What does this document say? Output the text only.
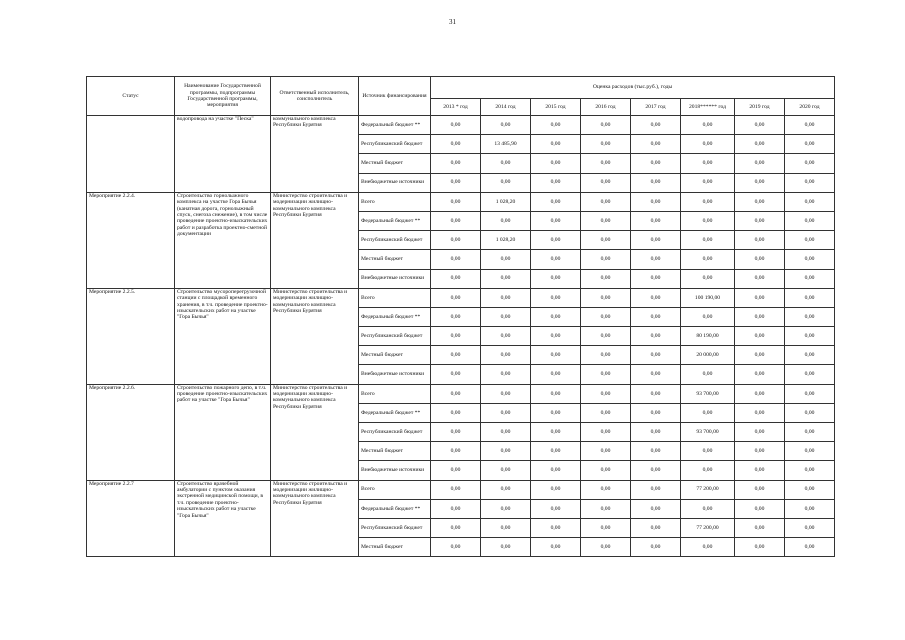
31
Статус	Наименование Государственной программы, подпрограммы Государственной программы, мероприятия	Ответственный исполнитель, соисполнитель	Источник финансирования	Оценка расходов (тыс.руб.), годы							
				2013 * год	2014 год	2015 год	2016 год	2017 год	2018****** год	2019 год	2020 год
	водопровода на участке "Песка"	коммунального комплекса Республики Бурятия	Федеральный бюджет **	0,00	0,00	0,00	0,00	0,00	0,00	0,00	0,00
			Республиканский бюджет	0,00	13 485,90	0,00	0,00	0,00	0,00	0,00	0,00
			Местный бюджет	0,00	0,00	0,00	0,00	0,00	0,00	0,00	0,00
			Внебюджетные источники	0,00	0,00	0,00	0,00	0,00	0,00	0,00	0,00
Мероприятие 2.2.4.	Строительство горнолыжного комплекса на участке Гора Бычья (канатная дорога, горнолыжный спуск, снегоза снежение), в том числе проведение проектно-изыскательских работ и разработка проектно-сметной документации	Министерство строительства и модернизации жилищно-коммунального комплекса Республики Бурятия	Всего	0,00	1 028,20	0,00	0,00	0,00	0,00	0,00	0,00
			Федеральный бюджет **	0,00	0,00	0,00	0,00	0,00	0,00	0,00	0,00
			Республиканский бюджет	0,00	1 028,20	0,00	0,00	0,00	0,00	0,00	0,00
			Местный бюджет	0,00	0,00	0,00	0,00	0,00	0,00	0,00	0,00
			Внебюджетные источники	0,00	0,00	0,00	0,00	0,00	0,00	0,00	0,00
Мероприятие 2.2.5.	Строительство мусороперегрузочной станции с площадкой временного хранения, в т.ч. проведение проектно-изыскательских работ на участке "Гора Бычья"	Министерство строительства и модернизации жилищно-коммунального комплекса Республики Бурятия	Всего	0,00	0,00	0,00	0,00	0,00	100 190,00	0,00	0,00
			Федеральный бюджет **	0,00	0,00	0,00	0,00	0,00	0,00	0,00	0,00
			Республиканский бюджет	0,00	0,00	0,00	0,00	0,00	80 190,00	0,00	0,00
			Местный бюджет	0,00	0,00	0,00	0,00	0,00	20 000,00	0,00	0,00
			Внебюджетные источники	0,00	0,00	0,00	0,00	0,00	0,00	0,00	0,00
Мероприятие 2.2.6.	Строительство пожарного депо, в т.ч. проведение проектно-изыскательских работ на участке "Гора Бычья"	Министерство строительства и модернизации жилищно-коммунального комплекса Республики Бурятия	Всего	0,00	0,00	0,00	0,00	0,00	93 700,00	0,00	0,00
			Федеральный бюджет **	0,00	0,00	0,00	0,00	0,00	0,00	0,00	0,00
			Республиканский бюджет	0,00	0,00	0,00	0,00	0,00	93 700,00	0,00	0,00
			Местный бюджет	0,00	0,00	0,00	0,00	0,00	0,00	0,00	0,00
			Внебюджетные источники	0,00	0,00	0,00	0,00	0,00	0,00	0,00	0,00
Мероприятие 2.2.7	Строительство врачебной амбулатории с пунктом оказания экстренной медицинской помощи, в т.ч. проведение проектно-изыскательских работ на участке "Гора Бычья"	Министерство строительства и модернизации жилищно-коммунального комплекса Республики Бурятия	Всего	0,00	0,00	0,00	0,00	0,00	77 200,00	0,00	0,00
			Федеральный бюджет **	0,00	0,00	0,00	0,00	0,00	0,00	0,00	0,00
			Республиканский бюджет	0,00	0,00	0,00	0,00	0,00	77 200,00	0,00	0,00
			Местный бюджет	0,00	0,00	0,00	0,00	0,00	0,00	0,00	0,00
